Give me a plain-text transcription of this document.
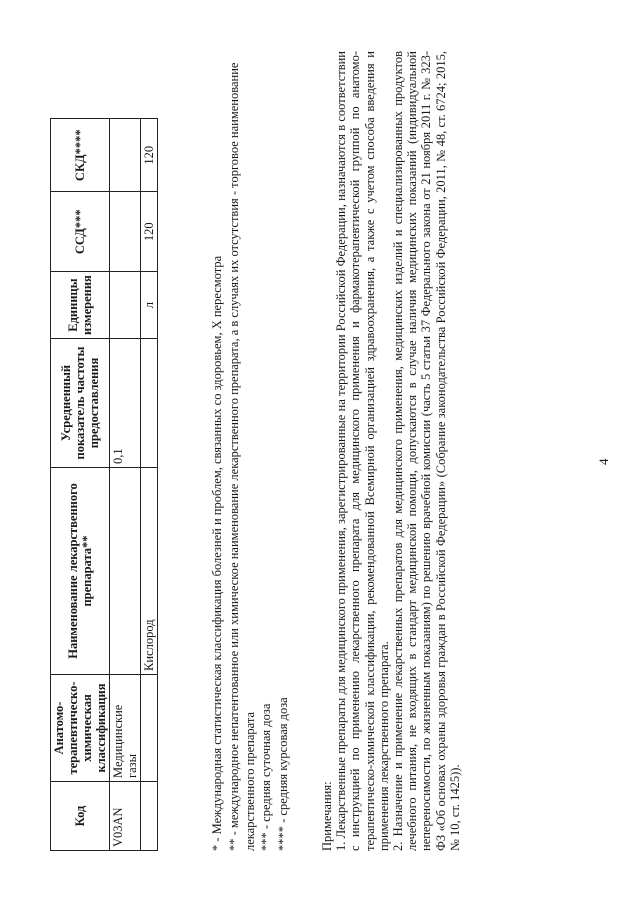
Код	Анатомо-терапевтическо-химическая классификация	Наименование лекарственного препарата**	Усредненный показатель частоты предоставления	Единицы измерения	ССД***	СКД****
V03AN	Медицинские газы		0,1			
		Кислород		л	120	120
* - Международная статистическая классификация болезней и проблем, связанных со здоровьем, X пересмотра ** - международное непатентованное или химическое наименование лекарственного препарата, а в случаях их отсутствия - торговое наименование лекарственного препарата *** - средняя суточная доза **** - средняя курсовая доза Примечания: 1. Лекарственные препараты для медицинского применения, зарегистрированные на территории Российской Федерации, назначаются в соответствии с инструкцией по применению лекарственного препарата для медицинского применения и фармакотерапевтической группой по анатомо-терапевтическо-химической классификации, рекомендованной Всемирной организацией здравоохранения, а также с учетом способа введения и применения лекарственного препарата. 2. Назначение и применение лекарственных препаратов для медицинского применения, медицинских изделий и специализированных продуктов лечебного питания, не входящих в стандарт медицинской помощи, допускаются в случае наличия медицинских показаний (индивидуальной непереносимости, по жизненным показаниям) по решению врачебной комиссии (часть 5 статьи 37 Федерального закона от 21 ноября 2011 г. № 323-ФЗ «Об основах охраны здоровья граждан в Российской Федерации» (Собрание законодательства Российской Федерации, 2011, № 48, ст. 6724; 2015, № 10, ст. 1425)).

4
